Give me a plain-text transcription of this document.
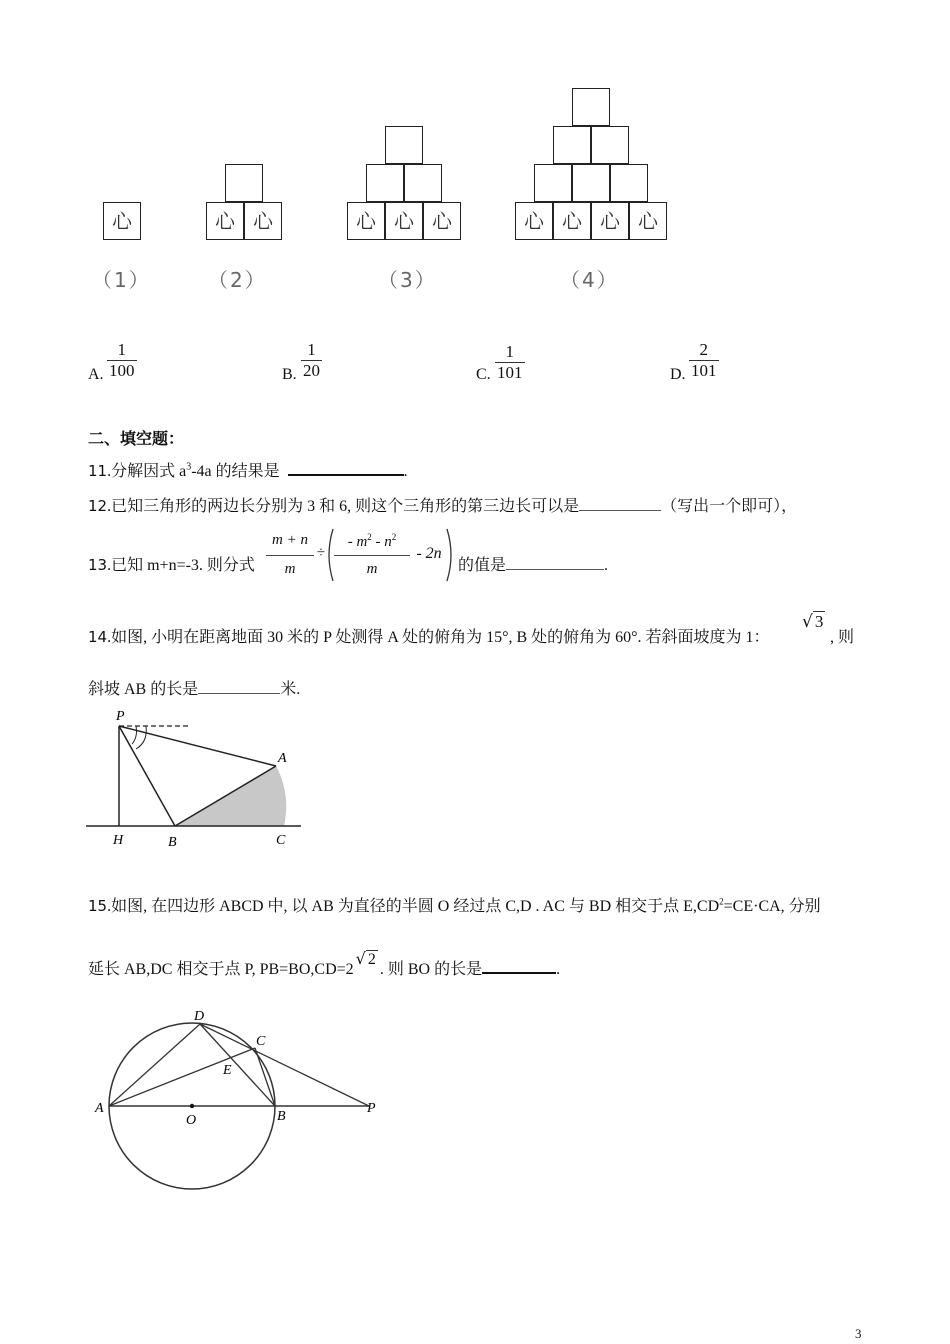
心	心 心	心 心 心	心 心 心 心
（1）	（2）	（3）	（4）
A. $\frac{1}{100}$	B. $\frac{1}{20}$	C. $\frac{1}{101}$	D. $\frac{2}{101}$
二、填空题：
11.分解因式 $a^3-4a$ 的结果是	.
12.已知三角形的两边长分别为 3 和 6, 则这个三角形的第三边长可以是	（写出一个即可），
13.已知 m+n=-3. 则分式
m + n
m
÷
- $m^2 - n^2$
m
- 2n
的值是	.
14.如图, 小明在距离地面 30 米的 P 处测得 A 处的俯角为 15°, B 处的俯角为 60°. 若斜面坡度为 1：
√ 3
, 则
斜坡 AB 的长是	米.
P
A
H	B	C
15.如图, 在四边形 ABCD 中, 以 AB 为直径的半圆 O 经过点 C,D . AC 与 BD 相交于点 $E,CD^2=CE\cdot CA$, 分别
延长 AB,DC 相交于点 P, PB=BO,CD=2√ 2. 则 BO 的长是	.
D
C
E
A
O	B
P
3
